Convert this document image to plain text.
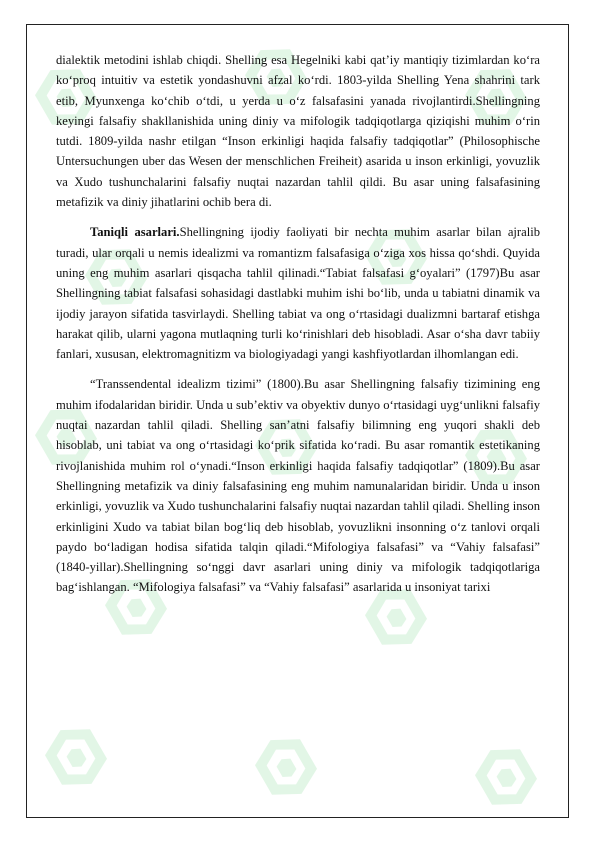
dialektik metodini ishlab chiqdi. Shelling esa Hegelniki kabi qat’iy mantiqiy tizimlardan ko‘ra ko‘proq intuitiv va estetik yondashuvni afzal ko‘rdi. 1803-yilda Shelling Yena shahrini tark etib, Myunxenga ko‘chib o‘tdi, u yerda u o‘z falsafasini yanada rivojlantirdi.Shellingning keyingi falsafiy shakllanishida uning diniy va mifologik tadqiqotlarga qiziqishi muhim o‘rin tutdi. 1809-yilda nashr etilgan “Inson erkinligi haqida falsafiy tadqiqotlar” (Philosophische Untersuchungen uber das Wesen der menschlichen Freiheit) asarida u inson erkinligi, yovuzlik va Xudo tushunchalarini falsafiy nuqtai nazardan tahlil qildi. Bu asar uning falsafasining metafizik va diniy jihatlarini ochib bera di.

Taniqli asarlari.Shellingning ijodiy faoliyati bir nechta muhim asarlar bilan ajralib turadi, ular orqali u nemis idealizmi va romantizm falsafasiga o‘ziga xos hissa qo‘shdi. Quyida uning eng muhim asarlari qisqacha tahlil qilinadi.“Tabiat falsafasi g‘oyalari” (1797)Bu asar Shellingning tabiat falsafasi sohasidagi dastlabki muhim ishi bo‘lib, unda u tabiatni dinamik va ijodiy jarayon sifatida tasvirlaydi. Shelling tabiat va ong o‘rtasidagi dualizmni bartaraf etishga harakat qilib, ularni yagona mutlaqning turli ko‘rinishlari deb hisobladi. Asar o‘sha davr tabiiy fanlari, xususan, elektromagnitizm va biologiyadagi yangi kashfiyotlardan ilhomlangan edi.

“Transsendental idealizm tizimi” (1800).Bu asar Shellingning falsafiy tizimining eng muhim ifodalaridan biridir. Unda u sub’ektiv va obyektiv dunyo o‘rtasidagi uyg‘unlikni falsafiy nuqtai nazardan tahlil qiladi. Shelling san’atni falsafiy bilimning eng yuqori shakli deb hisoblab, uni tabiat va ong o‘rtasidagi ko‘prik sifatida ko‘radi. Bu asar romantik estetikaning rivojlanishida muhim rol o‘ynadi.“Inson erkinligi haqida falsafiy tadqiqotlar” (1809).Bu asar Shellingning metafizik va diniy falsafasining eng muhim namunalaridan biridir. Unda u inson erkinligi, yovuzlik va Xudo tushunchalarini falsafiy nuqtai nazardan tahlil qiladi. Shelling inson erkinligini Xudo va tabiat bilan bog‘liq deb hisoblab, yovuzlikni insonning o‘z tanlovi orqali paydo bo‘ladigan hodisa sifatida talqin qiladi.“Mifologiya falsafasi” va “Vahiy falsafasi” (1840-yillar).Shellingning so‘nggi davr asarlari uning diniy va mifologik tadqiqotlariga bag‘ishlangan. “Mifologiya falsafasi” va “Vahiy falsafasi” asarlarida u insoniyat tarixi
